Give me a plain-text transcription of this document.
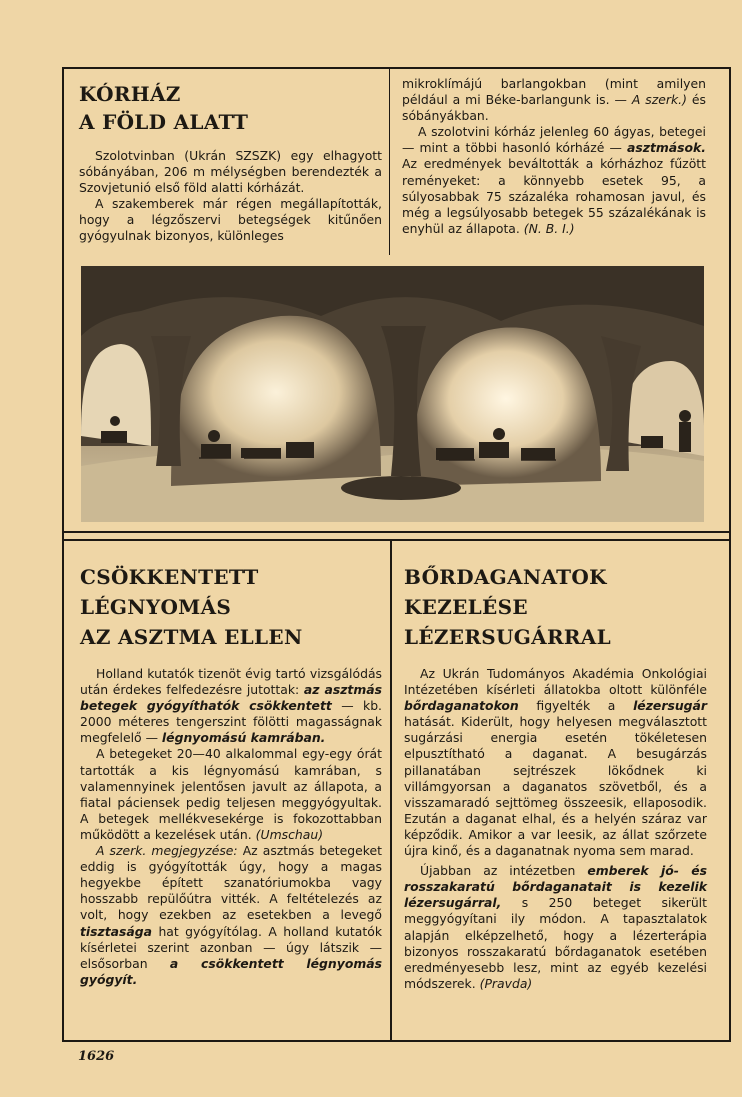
KÓRHÁZ
A FÖLD ALATT

Szolotvinban (Ukrán SZSZK) egy elhagyott sóbányában, 206 m mélységben berendezték a Szovjetunió első föld alatti kórházát.

A szakemberek már régen megállapították, hogy a légzőszervi betegségek kitűnően gyógyulnak bizonyos, különleges

mikroklímájú barlangokban (mint amilyen például a mi Béke-barlangunk is. — A szerk.) és sóbányákban.

A szolotvini kórház jelenleg 60 ágyas, betegei — mint a többi hasonló kórházé — asztmások. Az eredmények beváltották a kórházhoz fűzött reményeket: a könnyebb esetek 95, a súlyosabbak 75 százaléka rohamosan javul, és még a legsúlyosabb betegek 55 százalékának is enyhül az állapota. (N. B. I.)

CSÖKKENTETT
LÉGNYOMÁS
AZ ASZTMA ELLEN

Holland kutatók tizenöt évig tartó vizsgálódás után érdekes felfedezésre jutottak: az asztmás betegek gyógyíthatók csökkentett — kb. 2000 méteres tengerszint fölötti magasságnak megfelelő — légnyomású kamrában.

A betegeket 20—40 alkalommal egy-egy órát tartották a kis légnyomású kamrában, s valamennyinek jelentősen javult az állapota, a fiatal páciensek pedig teljesen meggyógyultak. A betegek mellékvesekérge is fokozottabban működött a kezelések után. (Umschau)

A szerk. megjegyzése: Az asztmás betegeket eddig is gyógyították úgy, hogy a magas hegyekbe épített szanatóriumokba vagy hosszabb repülőútra vitték. A feltételezés az volt, hogy ezekben az esetekben a levegő tisztasága hat gyógyítólag. A holland kutatók kísérletei szerint azonban — úgy látszik — elsősorban a csökkentett légnyomás gyógyít.

BŐRDAGANATOK
KEZELÉSE
LÉZERSUGÁRRAL

Az Ukrán Tudományos Akadémia Onkológiai Intézetében kísérleti állatokba oltott különféle bőrdaganatokon figyelték a lézersugár hatását. Kiderült, hogy helyesen megválasztott sugárzási energia esetén tökéletesen elpusztítható a daganat. A besugárzás pillanatában sejtrészek lökődnek ki villámgyorsan a daganatos szövetből, és a visszamaradó sejttömeg összeesik, ellaposodik. Ezután a daganat elhal, és a helyén száraz var képződik. Amikor a var leesik, az állat szőrzete újra kinő, és a daganatnak nyoma sem marad.

Újabban az intézetben emberek jó- és rosszakaratú bőrdaganatait is kezelik lézersugárral, s 250 beteget sikerült meggyógyítani ily módon. A tapasztalatok alapján elképzelhető, hogy a lézerterápia bizonyos rosszakaratú bőrdaganatok esetében eredményesebb lesz, mint az egyéb kezelési módszerek. (Pravda)

1626
